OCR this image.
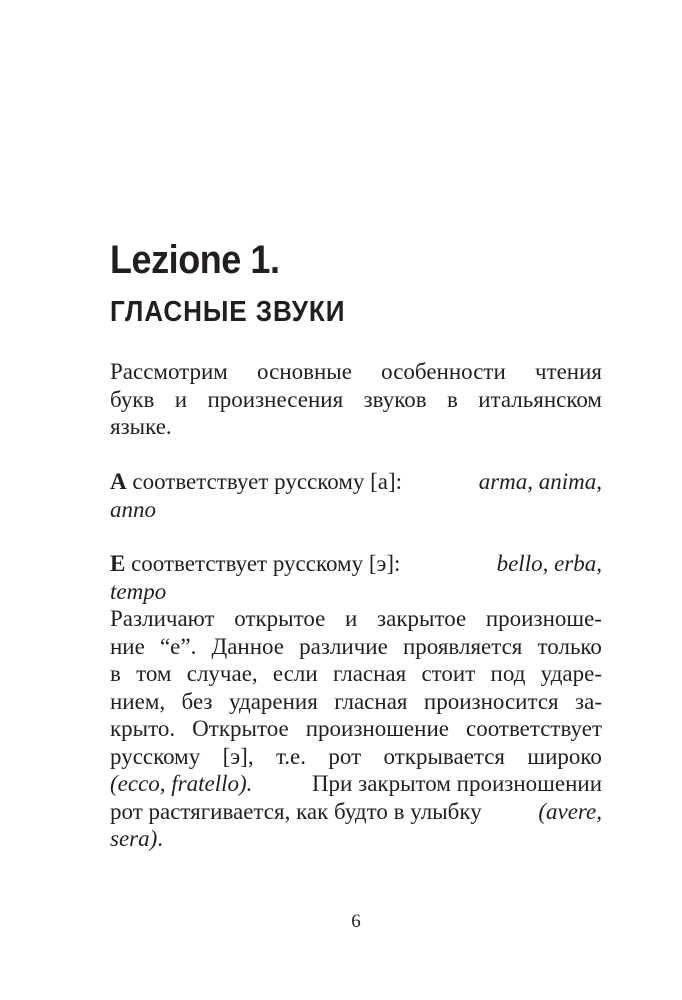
Lezione 1.
ГЛАСНЫЕ ЗВУКИ
Рассмотрим основные особенности чтения
букв и произнесения звуков в итальянском
языке.
А соответствует русскому [а]:	arma, anima,
anno
Е соответствует русскому [э]:	bello, erba,
tempo
Различают открытое и закрытое произноше-
ние “е”. Данное различие проявляется только
в том случае, если гласная стоит под ударе-
нием, без ударения гласная произносится за-
крыто. Открытое произношение соответствует
русскому [э], т.е. рот открывается широко
(ecco, fratello).	При закрытом произношении
рот растягивается, как будто в улыбку (avere,
sera).
6
